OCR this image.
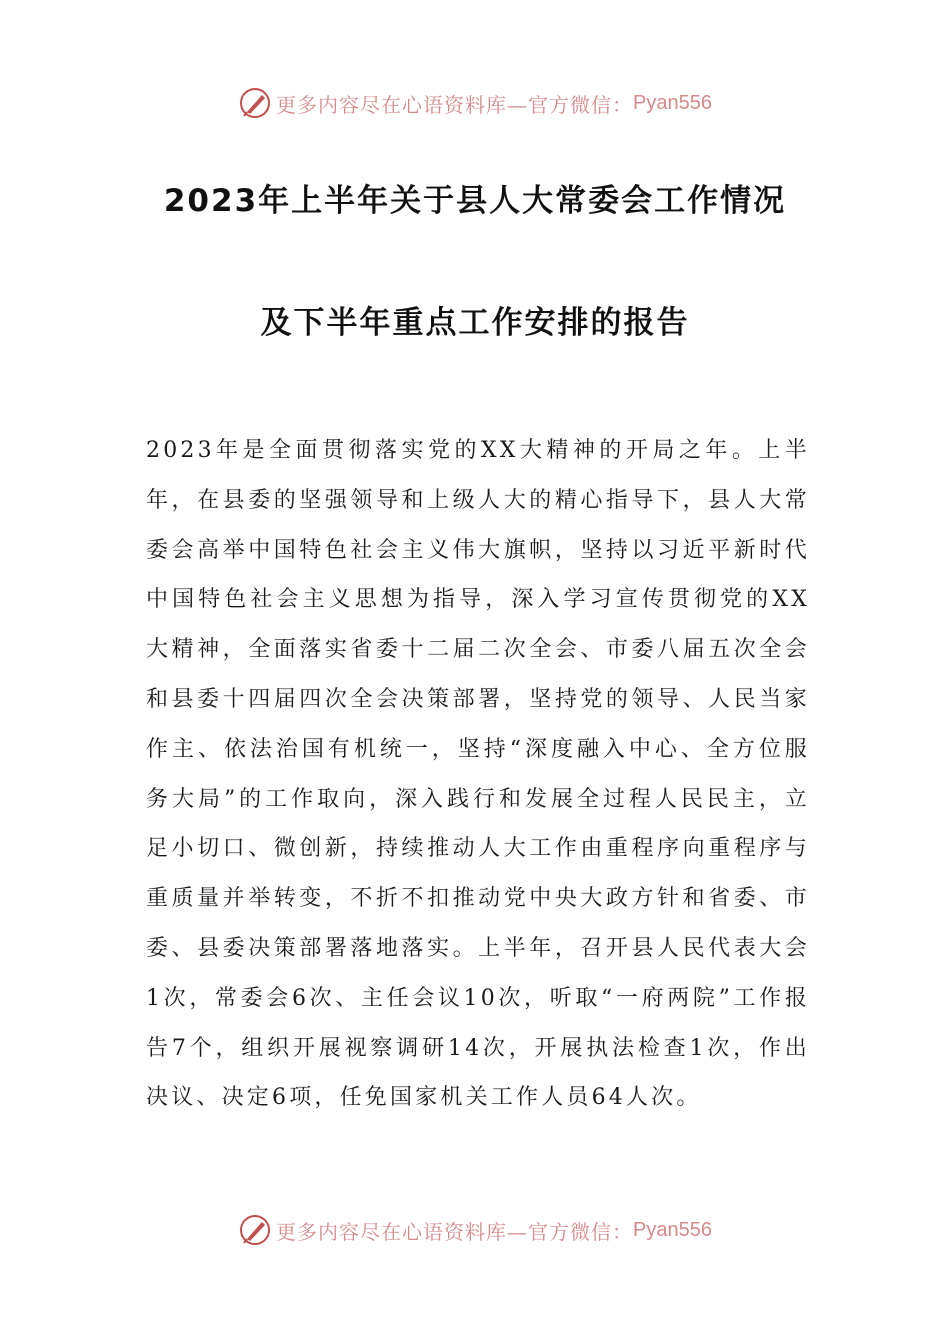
更多内容尽在心语资料库—官方微信： Pyan556
2023年上半年关于县人大常委会工作情况
及下半年重点工作安排的报告
2023年是全面贯彻落实党的XX大精神的开局之年。上半年，在县委的坚强领导和上级人大的精心指导下，县人大常委会高举中国特色社会主义伟大旗帜，坚持以习近平新时代中国特色社会主义思想为指导，深入学习宣传贯彻党的XX大精神，全面落实省委十二届二次全会、市委八届五次全会和县委十四届四次全会决策部署，坚持党的领导、人民当家作主、依法治国有机统一，坚持“深度融入中心、全方位服务大局”的工作取向，深入践行和发展全过程人民民主，立足小切口、微创新，持续推动人大工作由重程序向重程序与重质量并举转变，不折不扣推动党中央大政方针和省委、市委、县委决策部署落地落实。上半年，召开县人民代表大会1次，常委会6次、主任会议10次，听取“一府两院”工作报告7个，组织开展视察调研14次，开展执法检查1次，作出决议、决定6项，任免国家机关工作人员64人次。
更多内容尽在心语资料库—官方微信： Pyan556
